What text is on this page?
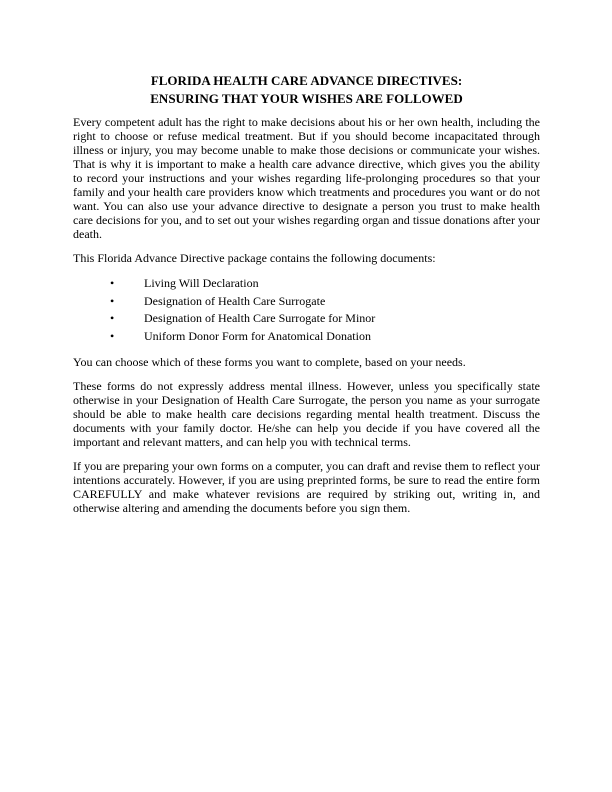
FLORIDA HEALTH CARE ADVANCE DIRECTIVES:
ENSURING THAT YOUR WISHES ARE FOLLOWED

Every competent adult has the right to make decisions about his or her own health, including the right to choose or refuse medical treatment. But if you should become incapacitated through illness or injury, you may become unable to make those decisions or communicate your wishes. That is why it is important to make a health care advance directive, which gives you the ability to record your instructions and your wishes regarding life-prolonging procedures so that your family and your health care providers know which treatments and procedures you want or do not want. You can also use your advance directive to designate a person you trust to make health care decisions for you, and to set out your wishes regarding organ and tissue donations after your death.

This Florida Advance Directive package contains the following documents:

• Living Will Declaration
• Designation of Health Care Surrogate
• Designation of Health Care Surrogate for Minor
• Uniform Donor Form for Anatomical Donation

You can choose which of these forms you want to complete, based on your needs.

These forms do not expressly address mental illness. However, unless you specifically state otherwise in your Designation of Health Care Surrogate, the person you name as your surrogate should be able to make health care decisions regarding mental health treatment. Discuss the documents with your family doctor. He/she can help you decide if you have covered all the important and relevant matters, and can help you with technical terms.

If you are preparing your own forms on a computer, you can draft and revise them to reflect your intentions accurately. However, if you are using preprinted forms, be sure to read the entire form CAREFULLY and make whatever revisions are required by striking out, writing in, and otherwise altering and amending the documents before you sign them.
